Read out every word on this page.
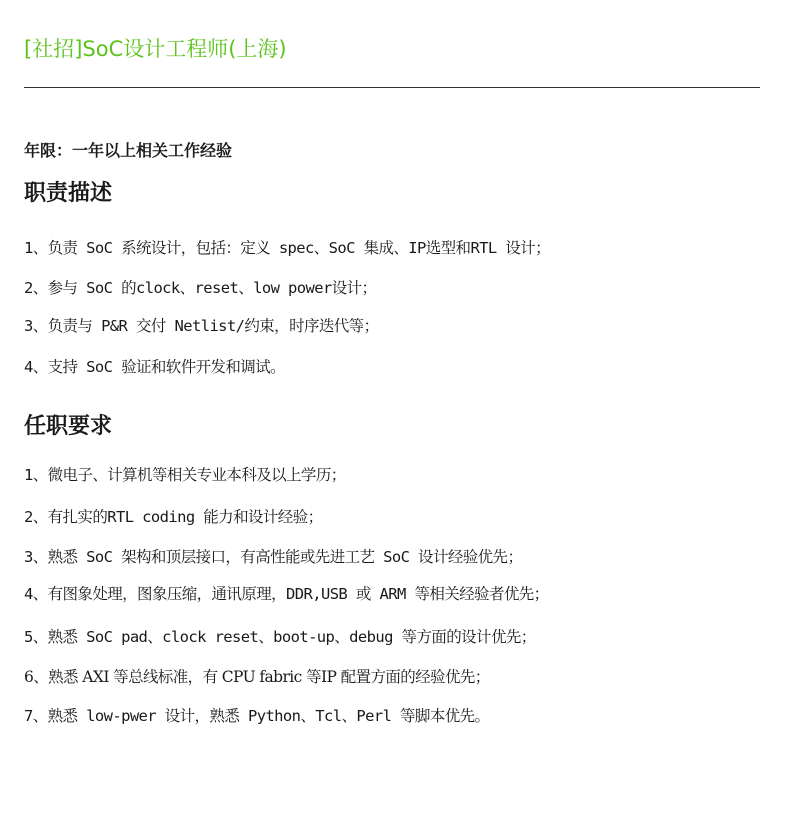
[社招]SoC设计工程师(上海)
年限：一年以上相关工作经验
职责描述
1、负责 SoC 系统设计，包括：定义 spec、SoC 集成、IP选型和RTL 设计；
2、参与 SoC 的clock、reset、low power设计；
3、负责与 P&R 交付 Netlist/约束，时序迭代等；
4、支持 SoC 验证和软件开发和调试。
任职要求
1、微电子、计算机等相关专业本科及以上学历；
2、有扎实的RTL coding 能力和设计经验；
3、熟悉 SoC 架构和顶层接口，有高性能或先进工艺 SoC 设计经验优先；
4、有图象处理，图象压缩，通讯原理，DDR,USB 或 ARM 等相关经验者优先；
5、熟悉 SoC pad、clock reset、boot-up、debug 等方面的设计优先；
6、熟悉 AXI 等总线标准，有 CPU fabric 等IP 配置方面的经验优先；
7、熟悉 low-pwer 设计，熟悉 Python、Tcl、Perl 等脚本优先。
